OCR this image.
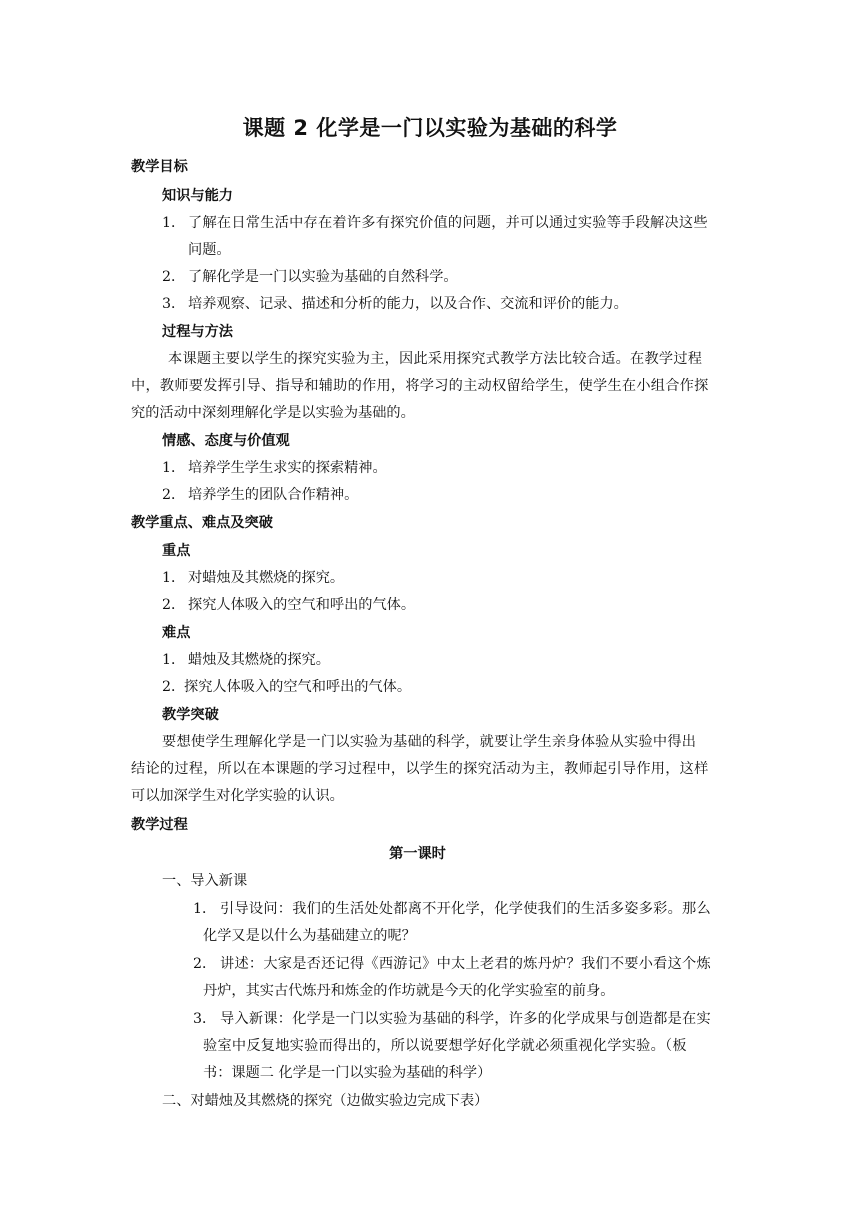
课题 2 化学是一门以实验为基础的科学
教学目标
知识与能力
1． 了解在日常生活中存在着许多有探究价值的问题，并可以通过实验等手段解决这些
问题。
2． 了解化学是一门以实验为基础的自然科学。
3． 培养观察、记录、描述和分析的能力，以及合作、交流和评价的能力。
过程与方法
本课题主要以学生的探究实验为主，因此采用探究式教学方法比较合适。在教学过程
中，教师要发挥引导、指导和辅助的作用，将学习的主动权留给学生，使学生在小组合作探
究的活动中深刻理解化学是以实验为基础的。
情感、态度与价值观
1． 培养学生学生求实的探索精神。
2． 培养学生的团队合作精神。
教学重点、难点及突破
重点
1． 对蜡烛及其燃烧的探究。
2． 探究人体吸入的空气和呼出的气体。
难点
1． 蜡烛及其燃烧的探究。
2．
探究人体吸入的空气和呼出的气体。
教学突破
要想使学生理解化学是一门以实验为基础的科学，就要让学生亲身体验从实验中得出
结论的过程，所以在本课题的学习过程中，以学生的探究活动为主，教师起引导作用，这样
可以加深学生对化学实验的认识。
教学过程
第一课时
一、导入新课
1． 引导设问：我们的生活处处都离不开化学，化学使我们的生活多姿多彩。那么
化学又是以什么为基础建立的呢？
2． 讲述：大家是否还记得《西游记》中太上老君的炼丹炉？我们不要小看这个炼
丹炉，其实古代炼丹和炼金的作坊就是今天的化学实验室的前身。
3． 导入新课：化学是一门以实验为基础的科学，许多的化学成果与创造都是在实
验室中反复地实验而得出的，所以说要想学好化学就必须重视化学实验。（板
书：课题二 化学是一门以实验为基础的科学）
二、对蜡烛及其燃烧的探究（边做实验边完成下表）
